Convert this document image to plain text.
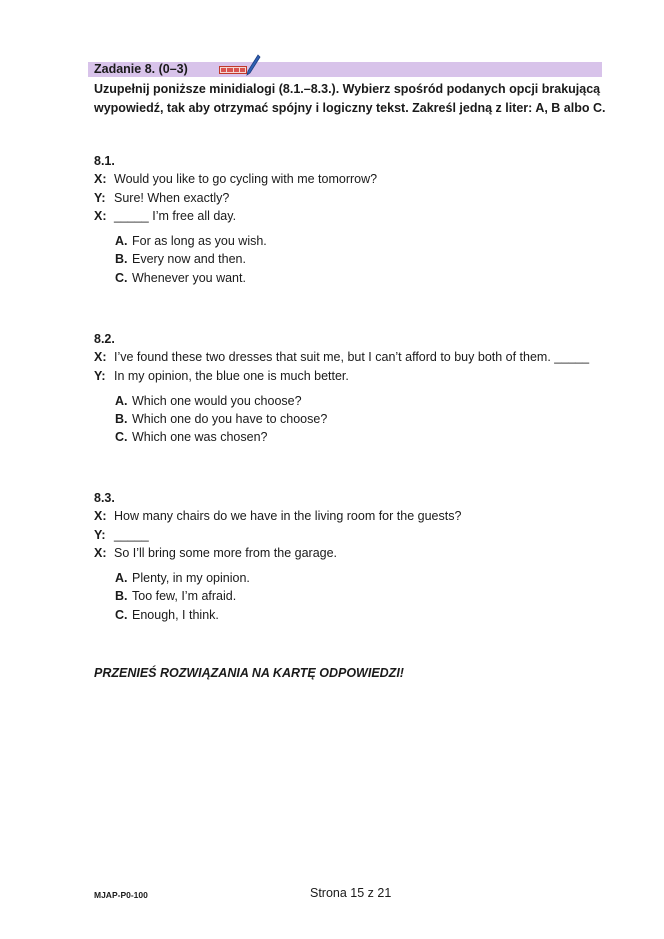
Zadanie 8. (0–3)
Uzupełnij poniższe minidialogi (8.1.–8.3.). Wybierz spośród podanych opcji brakującą wypowiedź, tak aby otrzymać spójny i logiczny tekst. Zakreśl jedną z liter: A, B albo C.
8.1.
X: Would you like to go cycling with me tomorrow?
Y: Sure! When exactly?
X: _____ I’m free all day.
A. For as long as you wish.
B. Every now and then.
C. Whenever you want.
8.2.
X: I’ve found these two dresses that suit me, but I can’t afford to buy both of them. _____
Y: In my opinion, the blue one is much better.
A. Which one would you choose?
B. Which one do you have to choose?
C. Which one was chosen?
8.3.
X: How many chairs do we have in the living room for the guests?
Y: _____
X: So I’ll bring some more from the garage.
A. Plenty, in my opinion.
B. Too few, I’m afraid.
C. Enough, I think.
PRZENIEŚ ROZWIĄZANIA NA KARTĘ ODPOWIEDZI!
MJAP-P0-100	Strona 15 z 21
